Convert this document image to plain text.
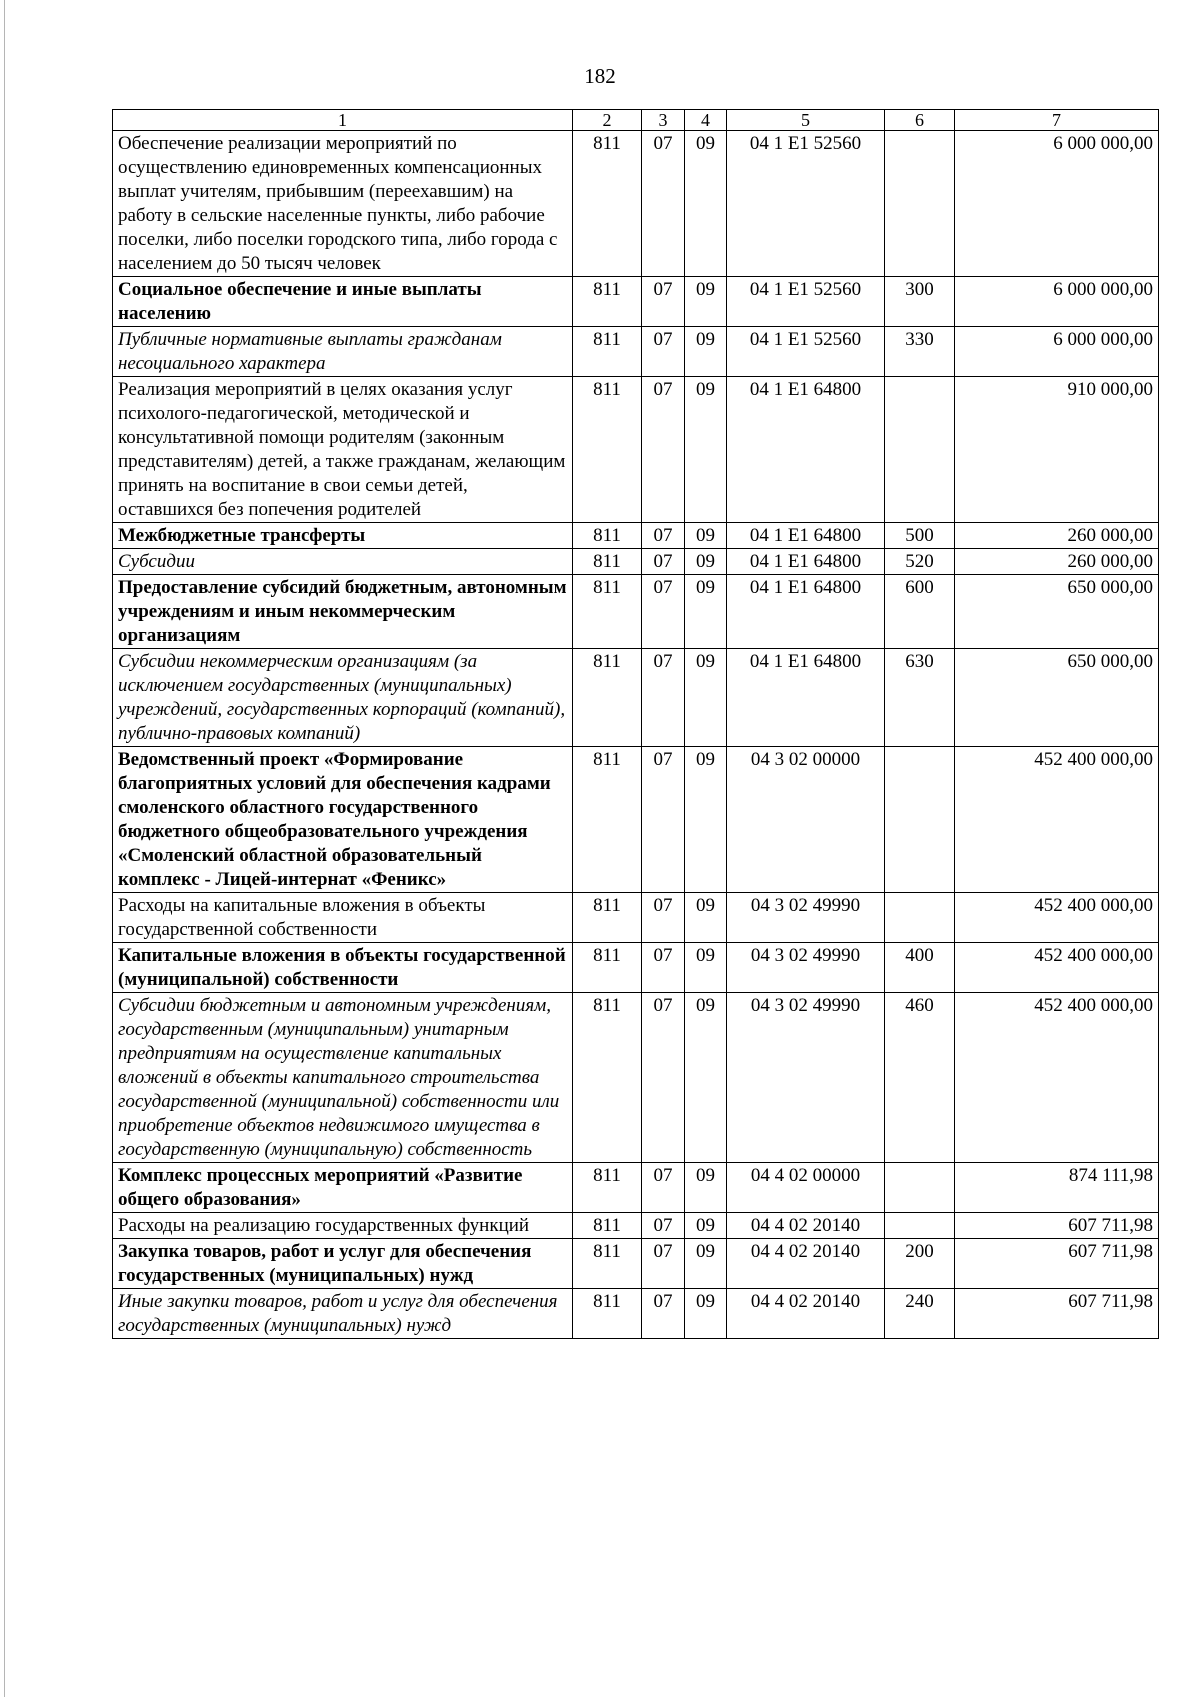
182
1	2	3	4	5	6	7
Обеспечение реализации мероприятий по осуществлению единовременных компенсационных выплат учителям, прибывшим (переехавшим) на работу в сельские населенные пункты, либо рабочие поселки, либо поселки городского типа, либо города с населением до 50 тысяч человек	811	07	09	04 1 E1 52560		6 000 000,00
Социальное обеспечение и иные выплаты населению	811	07	09	04 1 E1 52560	300	6 000 000,00
Публичные нормативные выплаты гражданам несоциального характера	811	07	09	04 1 E1 52560	330	6 000 000,00
Реализация мероприятий в целях оказания услуг психолого-педагогической, методической и консультативной помощи родителям (законным представителям) детей, а также гражданам, желающим принять на воспитание в свои семьи детей, оставшихся без попечения родителей	811	07	09	04 1 E1 64800		910 000,00
Межбюджетные трансферты	811	07	09	04 1 E1 64800	500	260 000,00
Субсидии	811	07	09	04 1 E1 64800	520	260 000,00
Предоставление субсидий бюджетным, автономным учреждениям и иным некоммерческим организациям	811	07	09	04 1 E1 64800	600	650 000,00
Субсидии некоммерческим организациям (за исключением государственных (муниципальных) учреждений, государственных корпораций (компаний), публично-правовых компаний)	811	07	09	04 1 E1 64800	630	650 000,00
Ведомственный проект «Формирование благоприятных условий для обеспечения кадрами смоленского областного государственного бюджетного общеобразовательного учреждения «Смоленский областной образовательный комплекс - Лицей-интернат «Феникс»	811	07	09	04 3 02 00000		452 400 000,00
Расходы на капитальные вложения в объекты государственной собственности	811	07	09	04 3 02 49990		452 400 000,00
Капитальные вложения в объекты государственной (муниципальной) собственности	811	07	09	04 3 02 49990	400	452 400 000,00
Субсидии бюджетным и автономным учреждениям, государственным (муниципальным) унитарным предприятиям на осуществление капитальных вложений в объекты капитального строительства государственной (муниципальной) собственности или приобретение объектов недвижимого имущества в государственную (муниципальную) собственность	811	07	09	04 3 02 49990	460	452 400 000,00
Комплекс процессных мероприятий «Развитие общего образования»	811	07	09	04 4 02 00000		874 111,98
Расходы на реализацию государственных функций	811	07	09	04 4 02 20140		607 711,98
Закупка товаров, работ и услуг для обеспечения государственных (муниципальных) нужд	811	07	09	04 4 02 20140	200	607 711,98
Иные закупки товаров, работ и услуг для обеспечения государственных (муниципальных) нужд	811	07	09	04 4 02 20140	240	607 711,98
